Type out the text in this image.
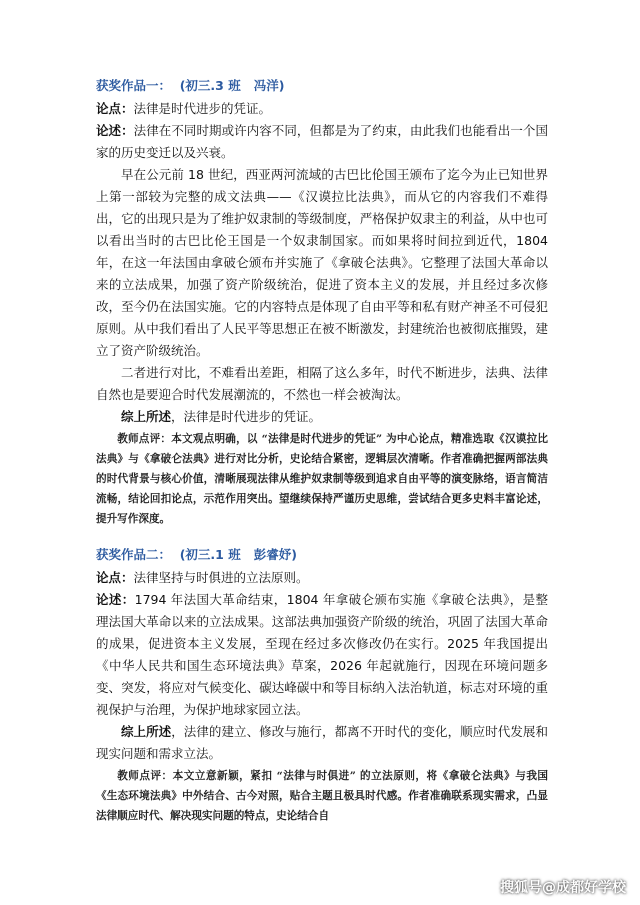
获奖作品一：  (初三.3 班   冯洋)

论点：法律是时代进步的凭证。

论述：法律在不同时期或许内容不同，但都是为了约束，由此我们也能看出一个国家的历史变迁以及兴衰。

早在公元前 18 世纪，西亚两河流域的古巴比伦国王颁布了迄今为止已知世界上第一部较为完整的成文法典——《汉谟拉比法典》，而从它的内容我们不难得出，它的出现只是为了维护奴隶制的等级制度，严格保护奴隶主的利益，从中也可以看出当时的古巴比伦王国是一个奴隶制国家。而如果将时间拉到近代，1804 年，在这一年法国由拿破仑颁布并实施了《拿破仑法典》。它整理了法国大革命以来的立法成果，加强了资产阶级统治，促进了资本主义的发展，并且经过多次修改，至今仍在法国实施。它的内容特点是体现了自由平等和私有财产神圣不可侵犯原则。从中我们看出了人民平等思想正在被不断激发，封建统治也被彻底摧毁，建立了资产阶级统治。

二者进行对比，不难看出差距，相隔了这么多年，时代不断进步，法典、法律自然也是要迎合时代发展潮流的，不然也一样会被淘汰。

综上所述，法律是时代进步的凭证。

教师点评：本文观点明确，以 “法律是时代进步的凭证” 为中心论点，精准选取《汉谟拉比法典》与《拿破仑法典》进行对比分析，史论结合紧密，逻辑层次清晰。作者准确把握两部法典的时代背景与核心价值，清晰展现法律从维护奴隶制等级到追求自由平等的演变脉络，语言简洁流畅，结论回扣论点，示范作用突出。望继续保持严谨历史思维，尝试结合更多史料丰富论述，提升写作深度。

获奖作品二：  (初三.1 班   彭睿妤)

论点：法律坚持与时俱进的立法原则。

论述：1794 年法国大革命结束，1804 年拿破仑颁布实施《拿破仑法典》，是整理法国大革命以来的立法成果。这部法典加强资产阶级的统治，巩固了法国大革命的成果，促进资本主义发展，至现在经过多次修改仍在实行。2025 年我国提出《中华人民共和国生态环境法典》草案，2026 年起就施行，因现在环境问题多变、突发，将应对气候变化、碳达峰碳中和等目标纳入法治轨道，标志对环境的重视保护与治理，为保护地球家园立法。

综上所述，法律的建立、修改与施行，都离不开时代的变化，顺应时代发展和现实问题和需求立法。

教师点评：本文立意新颖，紧扣 “法律与时俱进” 的立法原则，将《拿破仑法典》与我国《生态环境法典》中外结合、古今对照，贴合主题且极具时代感。作者准确联系现实需求，凸显法律顺应时代、解决现实问题的特点，史论结合自

搜狐号@成都好学校
